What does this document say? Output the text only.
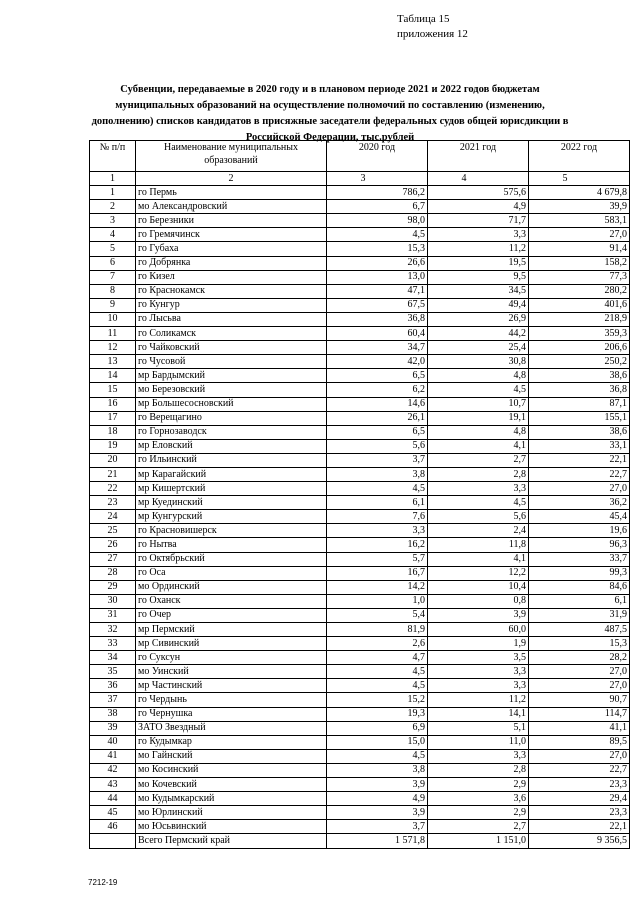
Таблица 15
приложения 12
Субвенции, передаваемые в 2020 году и в плановом периоде 2021 и 2022 годов бюджетам муниципальных образований на осуществление полномочий по составлению (изменению, дополнению) списков кандидатов в присяжные заседатели федеральных судов общей юрисдикции в Российской Федерации, тыс.рублей
№ п/п	Наименование муниципальных образований	2020 год	2021 год	2022 год
1	2	3	4	5
1	го Пермь	786,2	575,6	4 679,8
2	мо Александровский	6,7	4,9	39,9
3	го Березники	98,0	71,7	583,1
4	го Гремячинск	4,5	3,3	27,0
5	го Губаха	15,3	11,2	91,4
6	го Добрянка	26,6	19,5	158,2
7	го Кизел	13,0	9,5	77,3
8	го Краснокамск	47,1	34,5	280,2
9	го Кунгур	67,5	49,4	401,6
10	го Лысьва	36,8	26,9	218,9
11	го Соликамск	60,4	44,2	359,3
12	го Чайковский	34,7	25,4	206,6
13	го Чусовой	42,0	30,8	250,2
14	мр Бардымский	6,5	4,8	38,6
15	мо Березовский	6,2	4,5	36,8
16	мр Большесосновский	14,6	10,7	87,1
17	го Верещагино	26,1	19,1	155,1
18	го Горнозаводск	6,5	4,8	38,6
19	мр Еловский	5,6	4,1	33,1
20	го Ильинский	3,7	2,7	22,1
21	мр Карагайский	3,8	2,8	22,7
22	мр Кишертский	4,5	3,3	27,0
23	мр Куединский	6,1	4,5	36,2
24	мр Кунгурский	7,6	5,6	45,4
25	го Красновишерск	3,3	2,4	19,6
26	го Нытва	16,2	11,8	96,3
27	го Октябрьский	5,7	4,1	33,7
28	го Оса	16,7	12,2	99,3
29	мо Ординский	14,2	10,4	84,6
30	го Оханск	1,0	0,8	6,1
31	го Очер	5,4	3,9	31,9
32	мр Пермский	81,9	60,0	487,5
33	мр Сивинский	2,6	1,9	15,3
34	го Суксун	4,7	3,5	28,2
35	мо Уинский	4,5	3,3	27,0
36	мр Частинский	4,5	3,3	27,0
37	го Чердынь	15,2	11,2	90,7
38	го Чернушка	19,3	14,1	114,7
39	ЗАТО Звездный	6,9	5,1	41,1
40	го Кудымкар	15,0	11,0	89,5
41	мо Гайнский	4,5	3,3	27,0
42	мо Косинский	3,8	2,8	22,7
43	мо Кочевский	3,9	2,9	23,3
44	мо Кудымкарский	4,9	3,6	29,4
45	мо Юрлинский	3,9	2,9	23,3
46	мо Юсьвинский	3,7	2,7	22,1
	Всего Пермский край	1 571,8	1 151,0	9 356,5
7212-19
